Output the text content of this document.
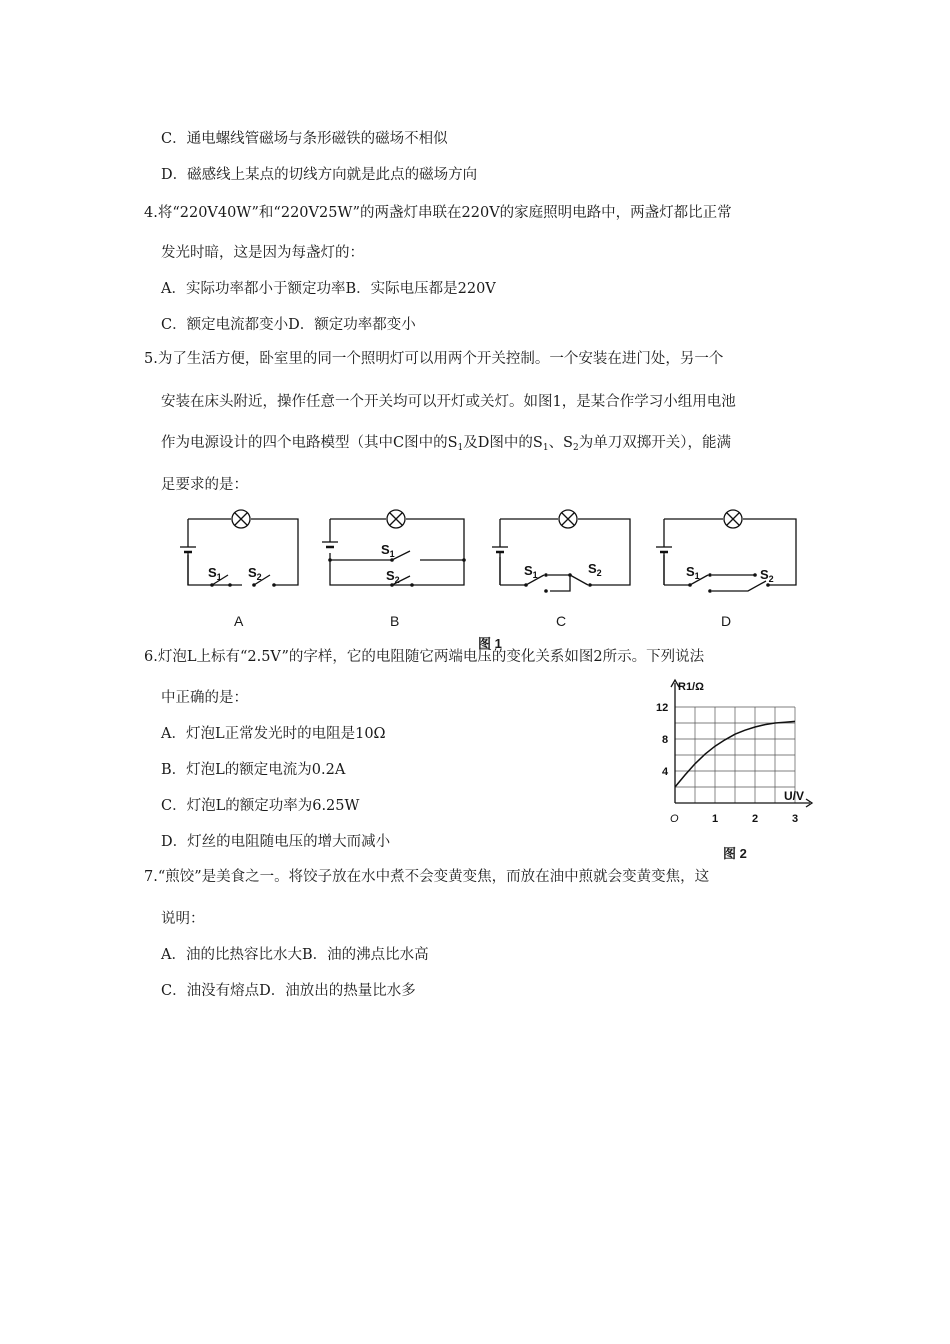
C．通电螺线管磁场与条形磁铁的磁场不相似
D．磁感线上某点的切线方向就是此点的磁场方向
4.将“220V40W”和“220V25W”的两盏灯串联在220V的家庭照明电路中，两盏灯都比正常
发光时暗，这是因为每盏灯的：
A．实际功率都小于额定功率B．实际电压都是220V
C．额定电流都变小D．额定功率都变小
5.为了生活方便，卧室里的同一个照明灯可以用两个开关控制。一个安装在进门处，另一个
安装在床头附近，操作任意一个开关均可以开灯或关灯。如图1，是某合作学习小组用电池
作为电源设计的四个电路模型（其中C图中的$S_1$及D图中的$S_1$、$S_2$为单刀双掷开关），能满
足要求的是：
$S_1$ $S_2$
$S_1$
$S_2$
$S_1$	$S_2$	$S_1$	$S_2$
A	B	C	D
图 1
6.灯泡L上标有“2.5V”的字样，它的电阻随它两端电压的变化关系如图2所示。下列说法
中正确的是：
A．灯泡L正常发光时的电阻是10Ω
B．灯泡L的额定电流为0.2A
C．灯泡L的额定功率为6.25W
D．灯丝的电阻随电压的增大而减小
R1/Ω
U/V
O	1	2	3
4
8
12
图 2
7.“煎饺”是美食之一。将饺子放在水中煮不会变黄变焦，而放在油中煎就会变黄变焦，这
说明：
A．油的比热容比水大B．油的沸点比水高
C．油没有熔点D．油放出的热量比水多
